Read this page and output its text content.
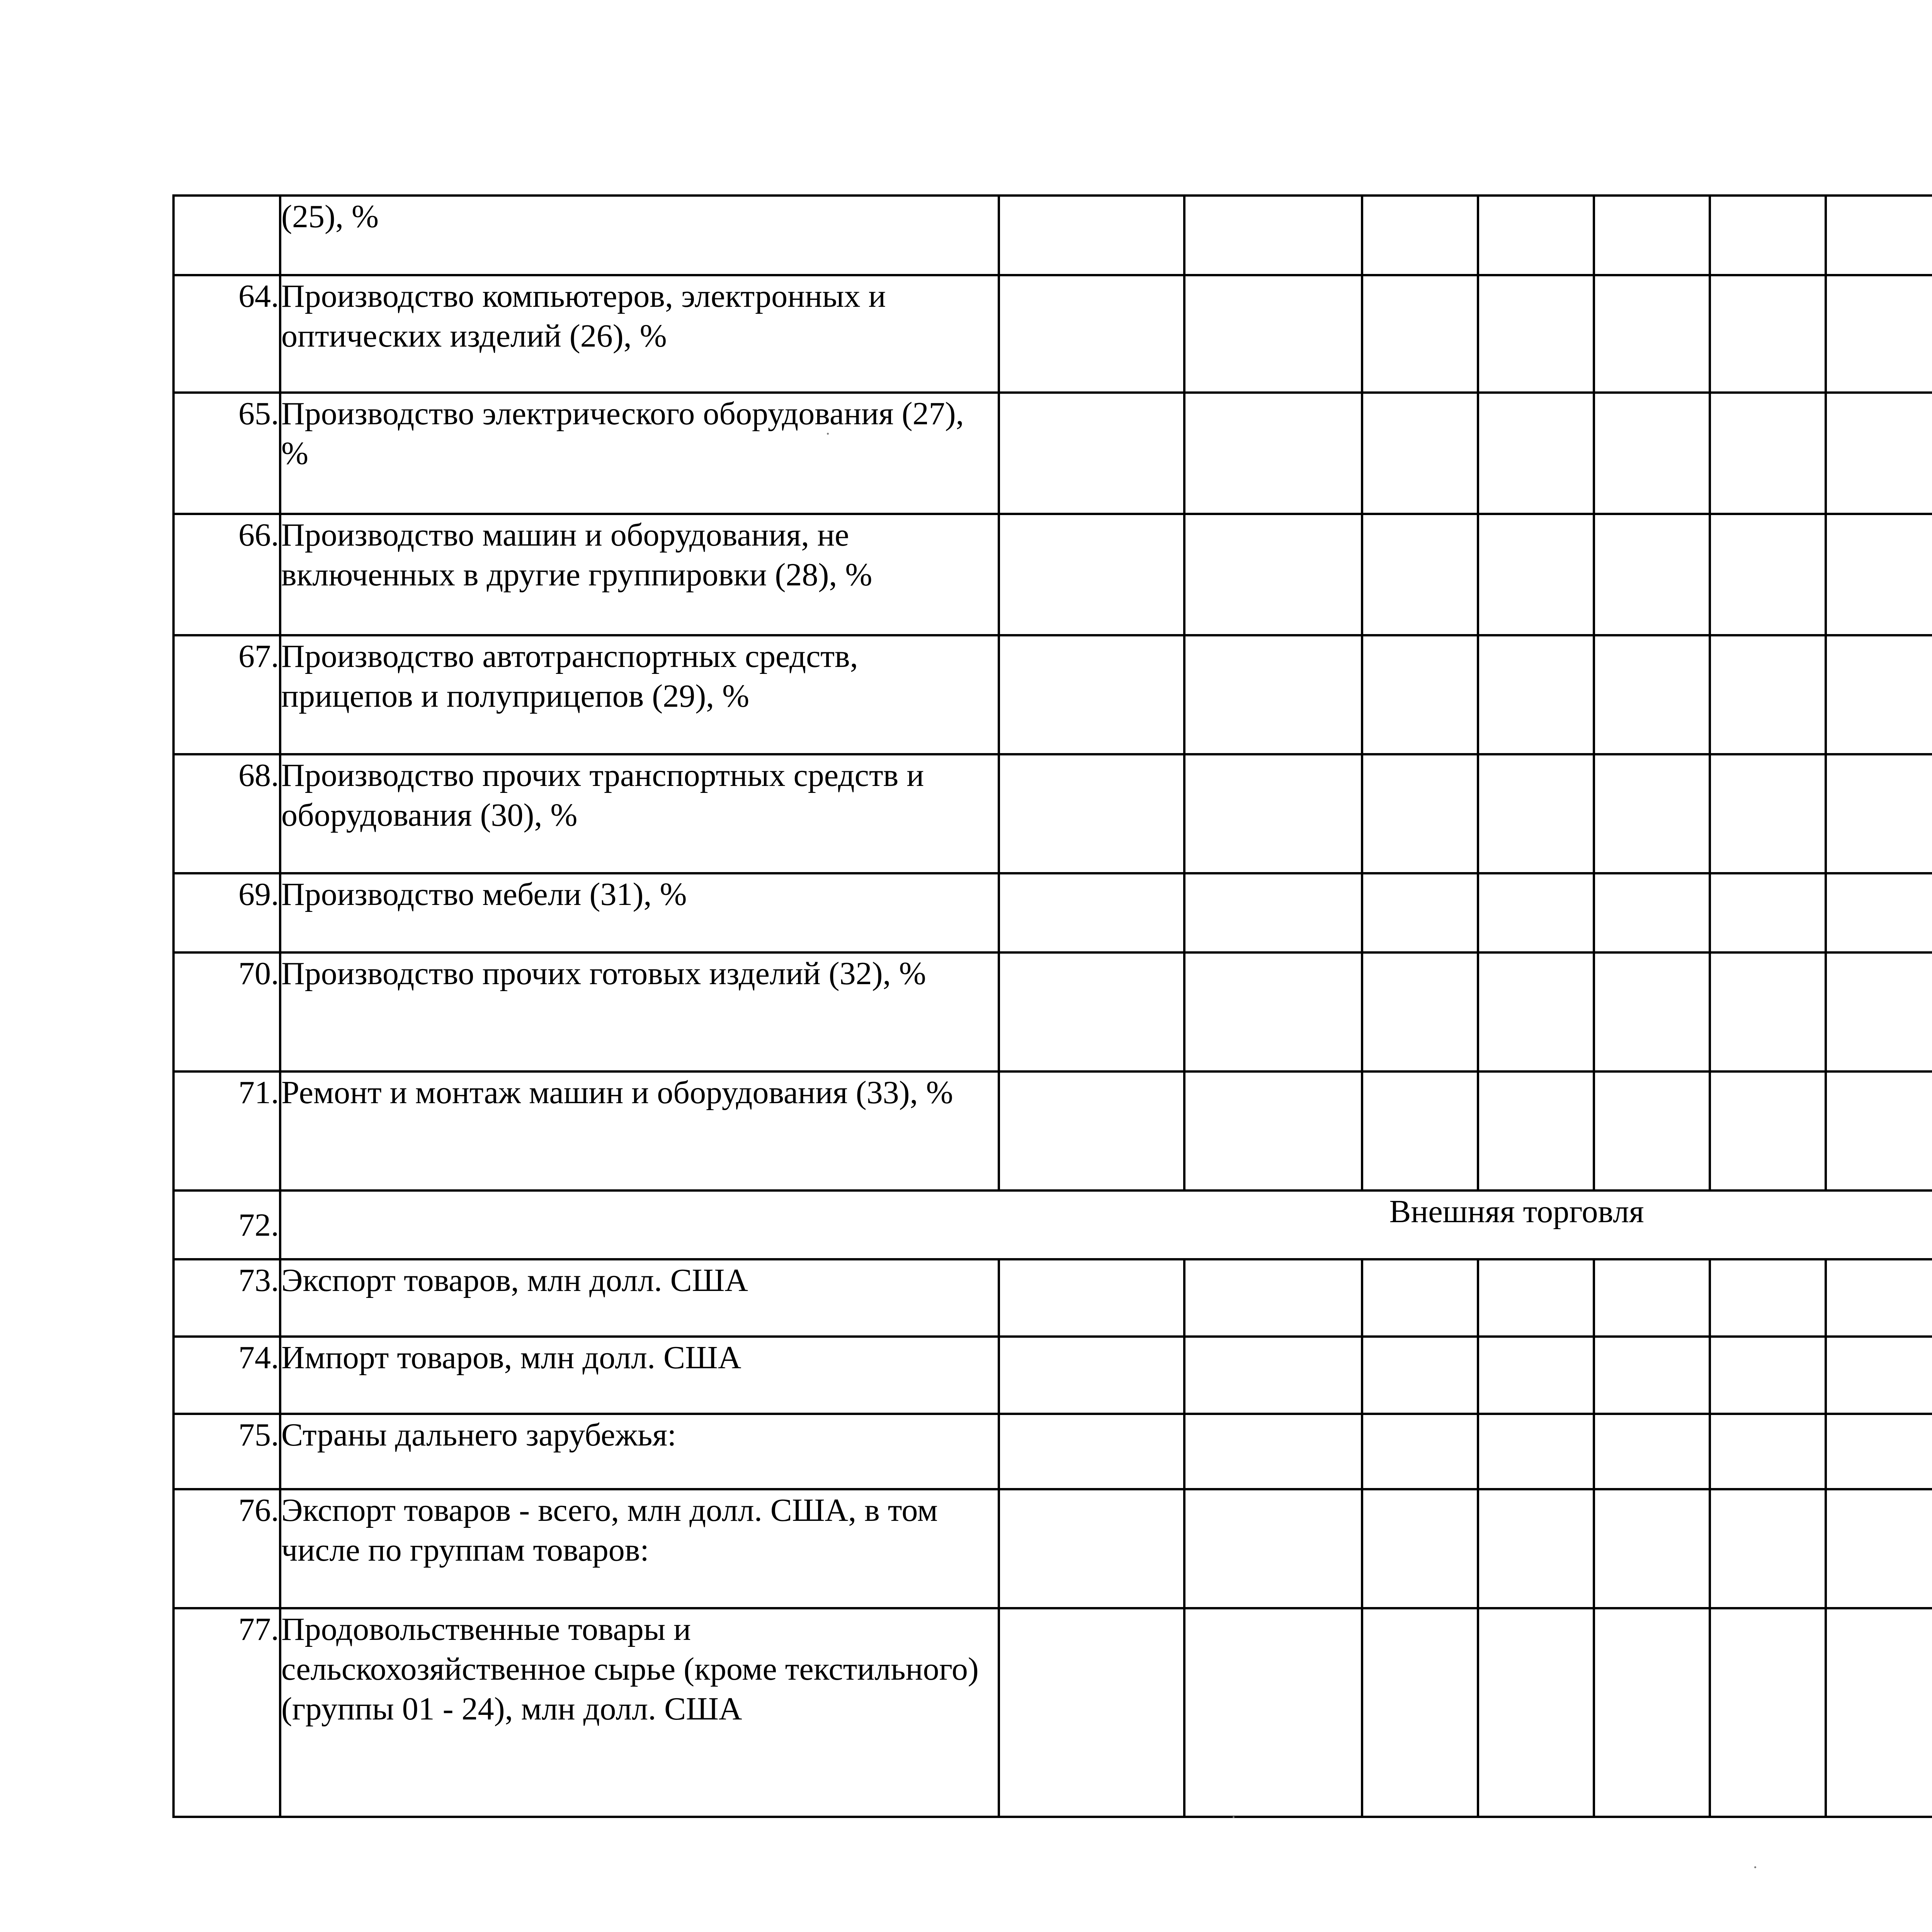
	(25), %														
64.	Производство компьютеров, электронных и оптических изделий (26), %														
65.	Производство электрического оборудования (27), %														
66.	Производство машин и оборудования, не включенных в другие группировки (28), %														
67.	Производство автотранспортных средств, прицепов и полуприцепов (29), %														
68.	Производство прочих транспортных средств и оборудования (30), %														
69.	Производство мебели (31), %														
70.	Производство прочих готовых изделий (32), %														
71.	Ремонт и монтаж машин и оборудования (33), %														
72.	Внешняя торговля														
73.	Экспорт товаров, млн долл. США														
74.	Импорт товаров, млн долл. США														
75.	Страны дальнего зарубежья:														
76.	Экспорт товаров - всего, млн долл. США, в том числе по группам товаров:														
77.	Продовольственные товары и сельскохозяйственное сырье (кроме текстильного) (группы 01 - 24), млн долл. США														
